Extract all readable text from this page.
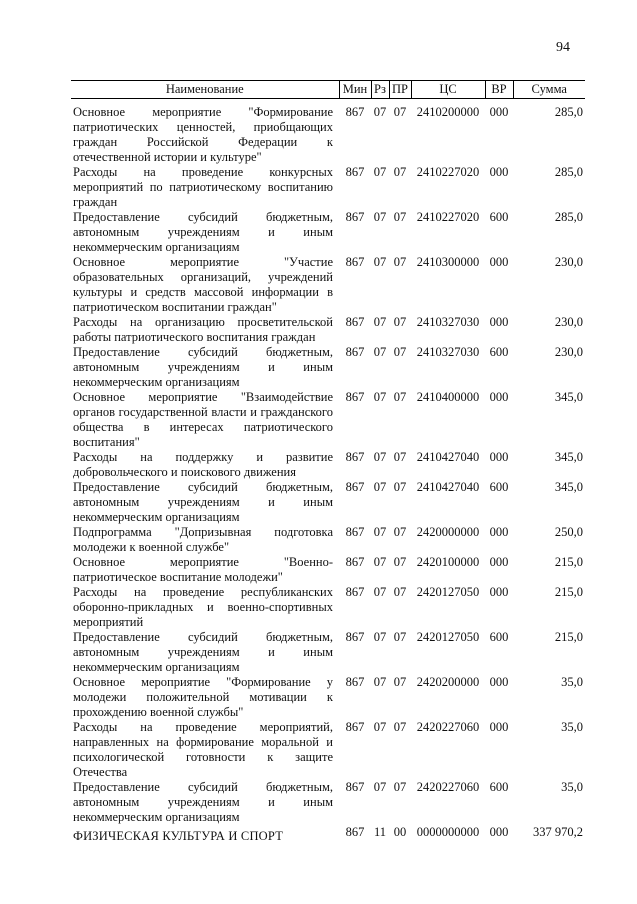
94
Наименование	Мин	Рз	ПР	ЦС	ВР	Сумма
Основное мероприятие "Формирование патриотических ценностей, приобщающих граждан Российской Федерации к отечественной истории и культуре"	867	07	07	2410200000	000	285,0
Расходы на проведение конкурсных мероприятий по патриотическому воспитанию граждан	867	07	07	2410227020	000	285,0
Предоставление субсидий бюджетным, автономным учреждениям и иным некоммерческим организациям	867	07	07	2410227020	600	285,0
Основное мероприятие "Участие образовательных организаций, учреждений культуры и средств массовой информации в патриотическом воспитании граждан"	867	07	07	2410300000	000	230,0
Расходы на организацию просветительской работы патриотического воспитания граждан	867	07	07	2410327030	000	230,0
Предоставление субсидий бюджетным, автономным учреждениям и иным некоммерческим организациям	867	07	07	2410327030	600	230,0
Основное мероприятие "Взаимодействие органов государственной власти и гражданского общества в интересах патриотического воспитания"	867	07	07	2410400000	000	345,0
Расходы на поддержку и развитие добровольческого и поискового движения	867	07	07	2410427040	000	345,0
Предоставление субсидий бюджетным, автономным учреждениям и иным некоммерческим организациям	867	07	07	2410427040	600	345,0
Подпрограмма "Допризывная подготовка молодежи к военной службе"	867	07	07	2420000000	000	250,0
Основное мероприятие "Военно-патриотическое воспитание молодежи"	867	07	07	2420100000	000	215,0
Расходы на проведение республиканских оборонно-прикладных и военно-спортивных мероприятий	867	07	07	2420127050	000	215,0
Предоставление субсидий бюджетным, автономным учреждениям и иным некоммерческим организациям	867	07	07	2420127050	600	215,0
Основное мероприятие "Формирование у молодежи положительной мотивации к прохождению военной службы"	867	07	07	2420200000	000	35,0
Расходы на проведение мероприятий, направленных на формирование моральной и психологической готовности к защите Отечества	867	07	07	2420227060	000	35,0
Предоставление субсидий бюджетным, автономным учреждениям и иным некоммерческим организациям	867	07	07	2420227060	600	35,0
ФИЗИЧЕСКАЯ КУЛЬТУРА И СПОРТ	867	11	00	0000000000	000	337 970,2
